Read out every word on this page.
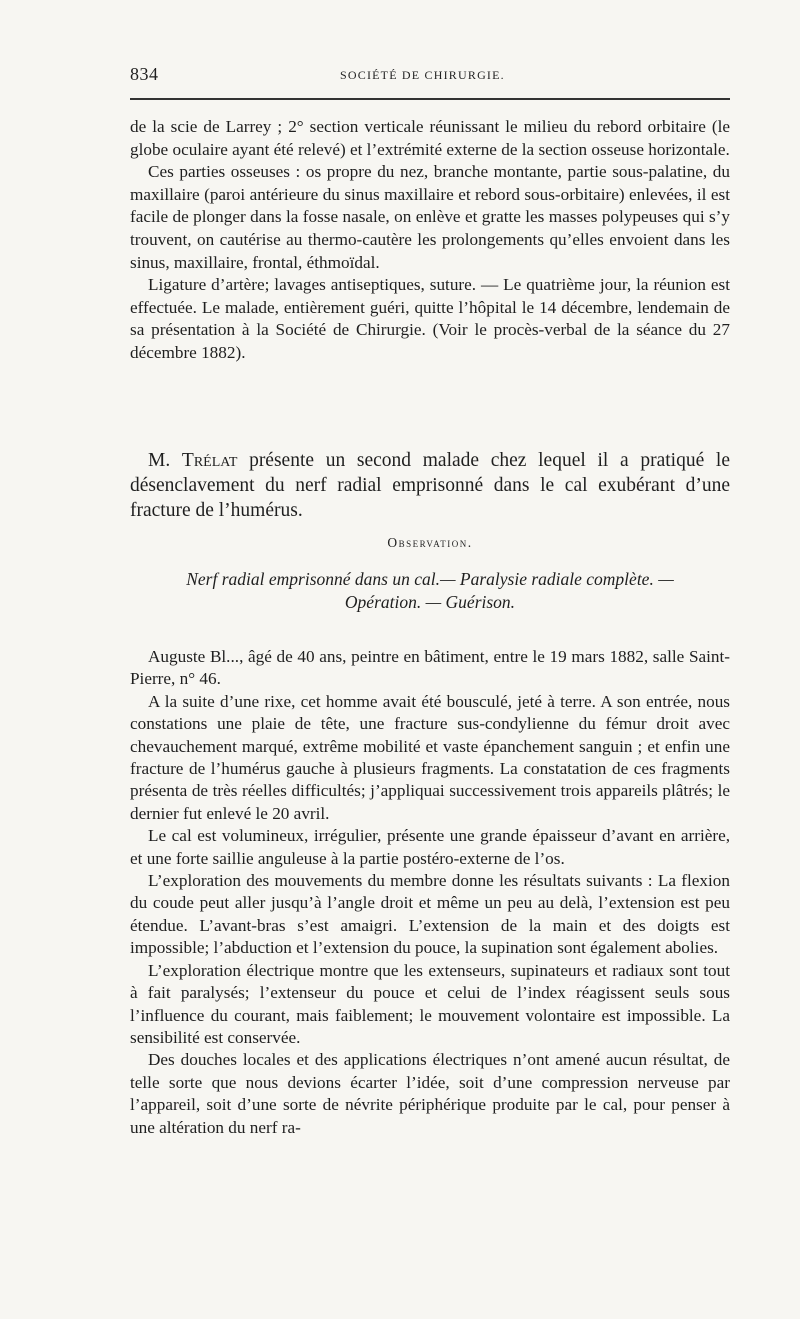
834	SOCIÉTÉ DE CHIRURGIE.

de la scie de Larrey ; 2° section verticale réunissant le milieu du rebord orbitaire (le globe oculaire ayant été relevé) et l’extrémité externe de la section osseuse horizontale.

Ces parties osseuses : os propre du nez, branche montante, partie sous-palatine, du maxillaire (paroi antérieure du sinus maxillaire et rebord sous-orbitaire) enlevées, il est facile de plonger dans la fosse nasale, on enlève et gratte les masses polypeuses qui s’y trouvent, on cautérise au thermo-cautère les prolongements qu’elles envoient dans les sinus, maxillaire, frontal, éthmoïdal.

Ligature d’artère; lavages antiseptiques, suture. — Le quatrième jour, la réunion est effectuée. Le malade, entièrement guéri, quitte l’hôpital le 14 décembre, lendemain de sa présentation à la Société de Chirurgie. (Voir le procès-verbal de la séance du 27 décembre 1882).

M. Trélat présente un second malade chez lequel il a pratiqué le désenclavement du nerf radial emprisonné dans le cal exubérant d’une fracture de l’humérus.

Observation.
Nerf radial emprisonné dans un cal.— Paralysie radiale complète. —
Opération. — Guérison.

Auguste Bl..., âgé de 40 ans, peintre en bâtiment, entre le 19 mars 1882, salle Saint-Pierre, n° 46.

A la suite d’une rixe, cet homme avait été bousculé, jeté à terre. A son entrée, nous constations une plaie de tête, une fracture sus-condylienne du fémur droit avec chevauchement marqué, extrême mobilité et vaste épanchement sanguin ; et enfin une fracture de l’humérus gauche à plusieurs fragments. La constatation de ces fragments présenta de très réelles difficultés; j’appliquai successivement trois appareils plâtrés; le dernier fut enlevé le 20 avril.

Le cal est volumineux, irrégulier, présente une grande épaisseur d’avant en arrière, et une forte saillie anguleuse à la partie postéro-externe de l’os.

L’exploration des mouvements du membre donne les résultats suivants : La flexion du coude peut aller jusqu’à l’angle droit et même un peu au delà, l’extension est peu étendue. L’avant-bras s’est amaigri. L’extension de la main et des doigts est impossible; l’abduction et l’extension du pouce, la supination sont également abolies.

L’exploration électrique montre que les extenseurs, supinateurs et radiaux sont tout à fait paralysés; l’extenseur du pouce et celui de l’index réagissent seuls sous l’influence du courant, mais faiblement; le mouvement volontaire est impossible. La sensibilité est conservée.

Des douches locales et des applications électriques n’ont amené aucun résultat, de telle sorte que nous devions écarter l’idée, soit d’une compression nerveuse par l’appareil, soit d’une sorte de névrite périphérique produite par le cal, pour penser à une altération du nerf ra-
